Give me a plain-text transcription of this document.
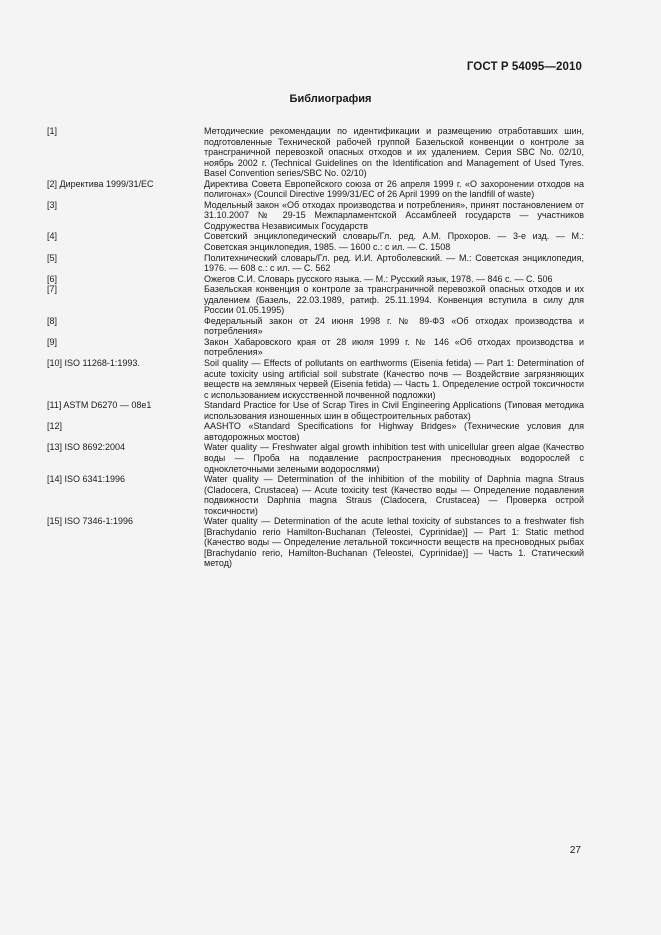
ГОСТ Р 54095—2010
Библиография
[1]	Методические рекомендации по идентификации и размещению отработавших шин, подготовленные Технической рабочей группой Базельской конвенции о контроле за трансграничной перевозкой опасных отходов и их удалением. Серия SBC No. 02/10, ноябрь 2002 г. (Technical Guidelines on the Identification and Management of Used Tyres. Basel Convention series/SBC No. 02/10)
[2] Директива 1999/31/EC	Директива Совета Европейского союза от 26 апреля 1999 г. «О захоронении отходов на полигонах» (Council Directive 1999/31/EC of 26 April 1999 on the landfill of waste)
[3]	Модельный закон «Об отходах производства и потребления», принят постановлением от 31.10.2007 № 29-15 Межпарламентской Ассамблеей государств — участников Содружества Независимых Государств
[4]	Советский энциклопедический словарь/Гл. ред. А.М. Прохоров. — 3-е изд. — М.: Советская энциклопедия, 1985. — 1600 с.: с ил. — С. 1508
[5]	Политехнический словарь/Гл. ред. И.И. Артоболевский. — М.: Советская энциклопедия, 1976. — 608 с.: с ил. — С. 562
[6]	Ожегов С.И. Словарь русского языка. — М.: Русский язык, 1978. — 846 с. — С. 506
[7]	Базельская конвенция о контроле за трансграничной перевозкой опасных отходов и их удалением (Базель, 22.03.1989, ратиф. 25.11.1994. Конвенция вступила в силу для России 01.05.1995)
[8]	Федеральный закон от 24 июня 1998 г. № 89-ФЗ «Об отходах производства и потребления»
[9]	Закон Хабаровского края от 28 июля 1999 г. № 146 «Об отходах производства и потребления»
[10] ISO 11268-1:1993.	Soil quality — Effects of pollutants on earthworms (Eisenia fetida) — Part 1: Determination of acute toxicity using artificial soil substrate (Качество почв — Воздействие загрязняющих веществ на земляных червей (Eisenia fetida) — Часть 1. Определение острой токсичности с использованием искусственной почвенной подложки)
[11] ASTM D6270 — 08e1	Standard Practice for Use of Scrap Tires in Civil Engineering Applications (Типовая методика использования изношенных шин в общестроительных работах)
[12]	AASHTO «Standard Specifications for Highway Bridges» (Технические условия для автодорожных мостов)
[13] ISO 8692:2004	Water quality — Freshwater algal growth inhibition test with unicellular green algae (Качество воды — Проба на подавление распространения пресноводных водорослей с одноклеточными зелеными водорослями)
[14] ISO 6341:1996	Water quality — Determination of the inhibition of the mobility of Daphnia magna Straus (Cladocera, Crustacea) — Acute toxicity test (Качество воды — Определение подавления подвижности Daphnia magna Straus (Cladocera, Crustacea) — Проверка острой токсичности)
[15] ISO 7346-1:1996	Water quality — Determination of the acute lethal toxicity of substances to a freshwater fish [Brachydanio rerio Hamilton-Buchanan (Teleostei, Cyprinidae)] — Part 1: Static method (Качество воды — Определение летальной токсичности веществ на пресноводных рыбах [Brachydanio rerio, Hamilton-Buchanan (Teleostei, Cyprinidae)] — Часть 1. Статический метод)
27
